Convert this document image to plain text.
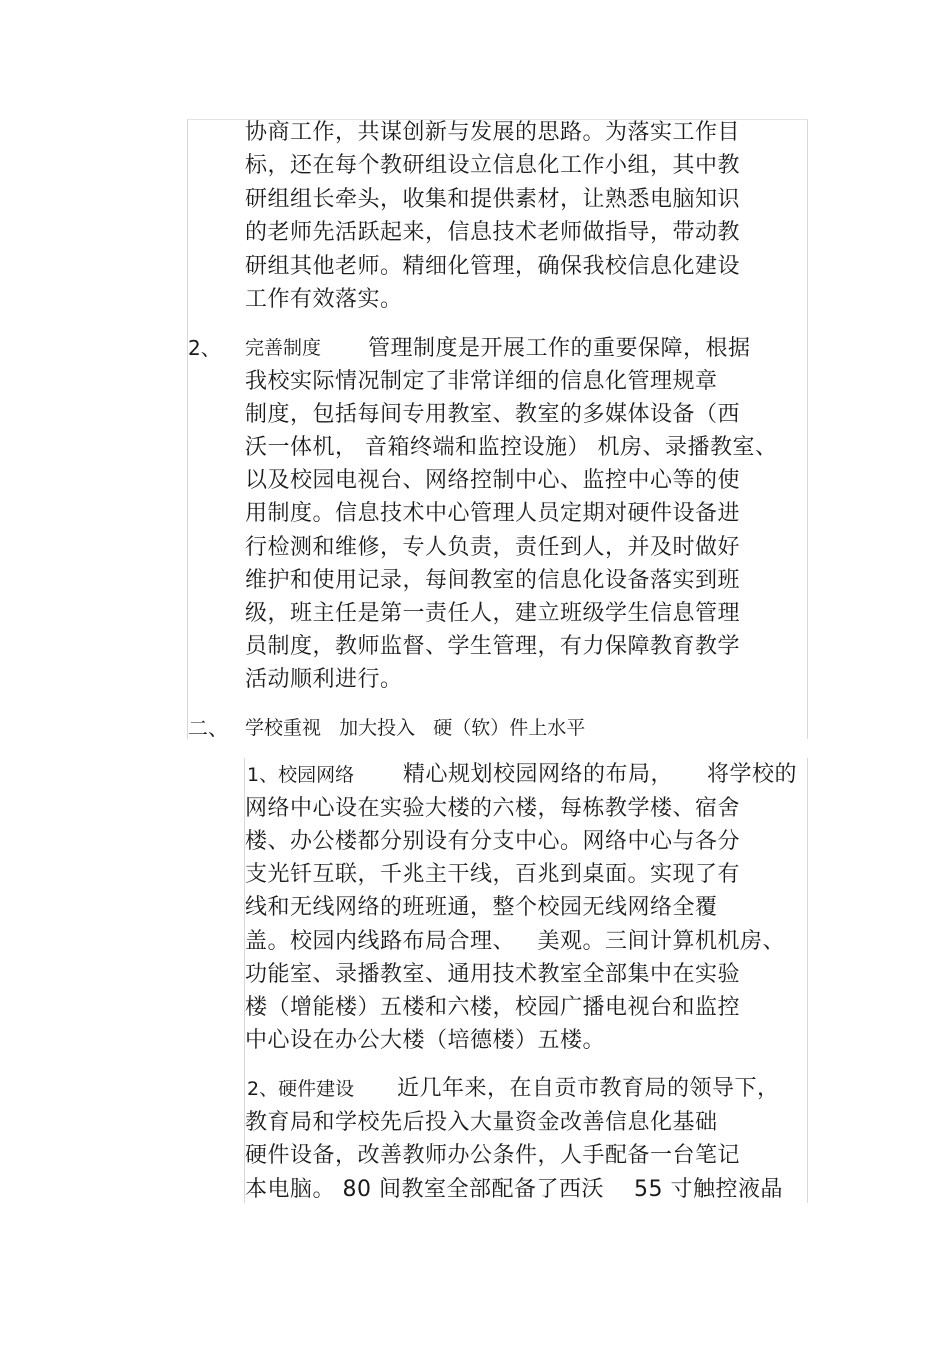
协商工作，共谋创新与发展的思路。为落实工作目
标，还在每个教研组设立信息化工作小组，其中教
研组组长牵头，收集和提供素材，让熟悉电脑知识
的老师先活跃起来，信息技术老师做指导，带动教
研组其他老师。精细化管理，确保我校信息化建设
工作有效落实。
2、 完善制度 管理制度是开展工作的重要保障，根据
我校实际情况制定了非常详细的信息化管理规章
制度，包括每间专用教室、教室的多媒体设备（西
沃一体机， 音箱终端和监控设施） 机房、录播教室、
以及校园电视台、网络控制中心、监控中心等的使
用制度。信息技术中心管理人员定期对硬件设备进
行检测和维修，专人负责，责任到人，并及时做好
维护和使用记录，每间教室的信息化设备落实到班
级，班主任是第一责任人，建立班级学生信息管理
员制度，教师监督、学生管理，有力保障教育教学
活动顺利进行。
二、 学校重视   加大投入   硬（软）件上水平
1、校园网络 精心规划校园网络的布局， 将学校的
网络中心设在实验大楼的六楼，每栋教学楼、宿舍
楼、办公楼都分别设有分支中心。网络中心与各分
支光钎互联，千兆主干线，百兆到桌面。实现了有
线和无线网络的班班通，整个校园无线网络全覆
盖。校园内线路布局合理、   美观。三间计算机机房、
功能室、录播教室、通用技术教室全部集中在实验
楼（增能楼）五楼和六楼，校园广播电视台和监控
中心设在办公大楼（培德楼）五楼。
2、硬件建设 近几年来，在自贡市教育局的领导下，
教育局和学校先后投入大量资金改善信息化基础
硬件设备，改善教师办公条件，人手配备一台笔记
本电脑。 80 间教室全部配备了西沃    55 寸触控液晶
